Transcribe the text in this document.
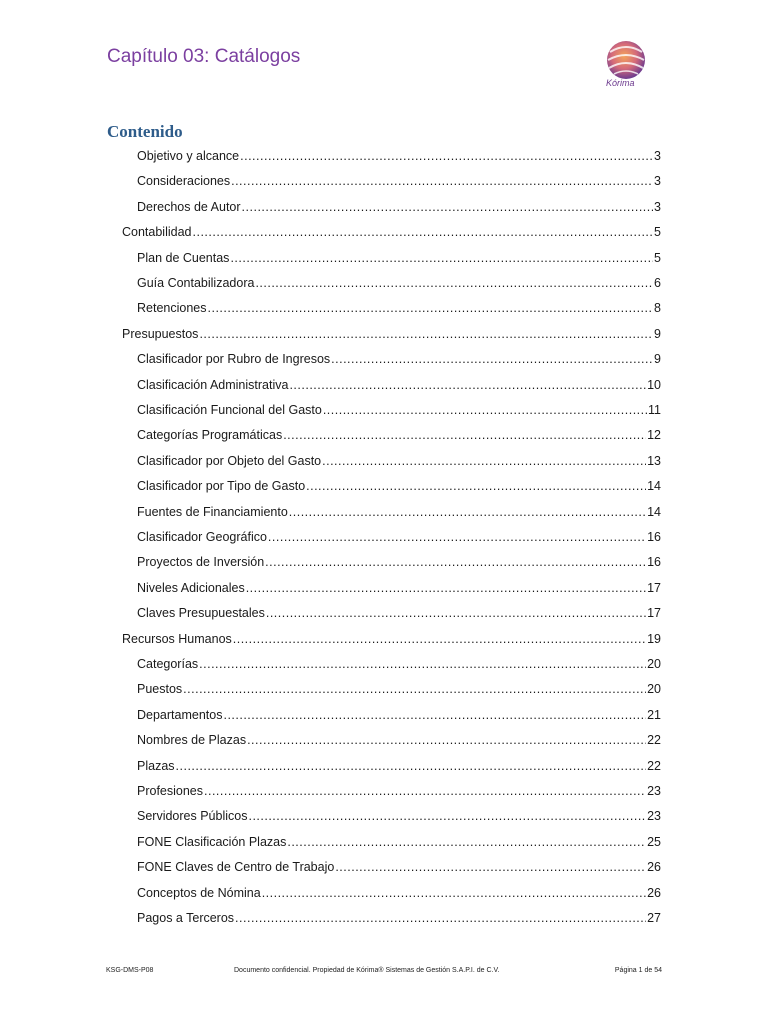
Capítulo 03: Catálogos
Kórima
Contenido
Objetivo y alcance .....	3
Consideraciones .....	3
Derechos de Autor .....	3
Contabilidad .....	5
Plan de Cuentas .....	5
Guía Contabilizadora .....	6
Retenciones .....	8
Presupuestos .....	9
Clasificador por Rubro de Ingresos .....	9
Clasificación Administrativa .....	10
Clasificación Funcional del Gasto .....	11
Categorías Programáticas .....	12
Clasificador por Objeto del Gasto .....	13
Clasificador por Tipo de Gasto .....	14
Fuentes de Financiamiento .....	14
Clasificador Geográfico .....	16
Proyectos de Inversión .....	16
Niveles Adicionales .....	17
Claves Presupuestales .....	17
Recursos Humanos .....	19
Categorías .....	20
Puestos .....	20
Departamentos .....	21
Nombres de Plazas .....	22
Plazas .....	22
Profesiones .....	23
Servidores Públicos .....	23
FONE Clasificación Plazas .....	25
FONE Claves de Centro de Trabajo .....	26
Conceptos de Nómina .....	26
Pagos a Terceros .....	27
KSG-DMS-P08	Documento confidencial. Propiedad de Kórima® Sistemas de Gestión S.A.P.I. de C.V.	Página 1 de 54
